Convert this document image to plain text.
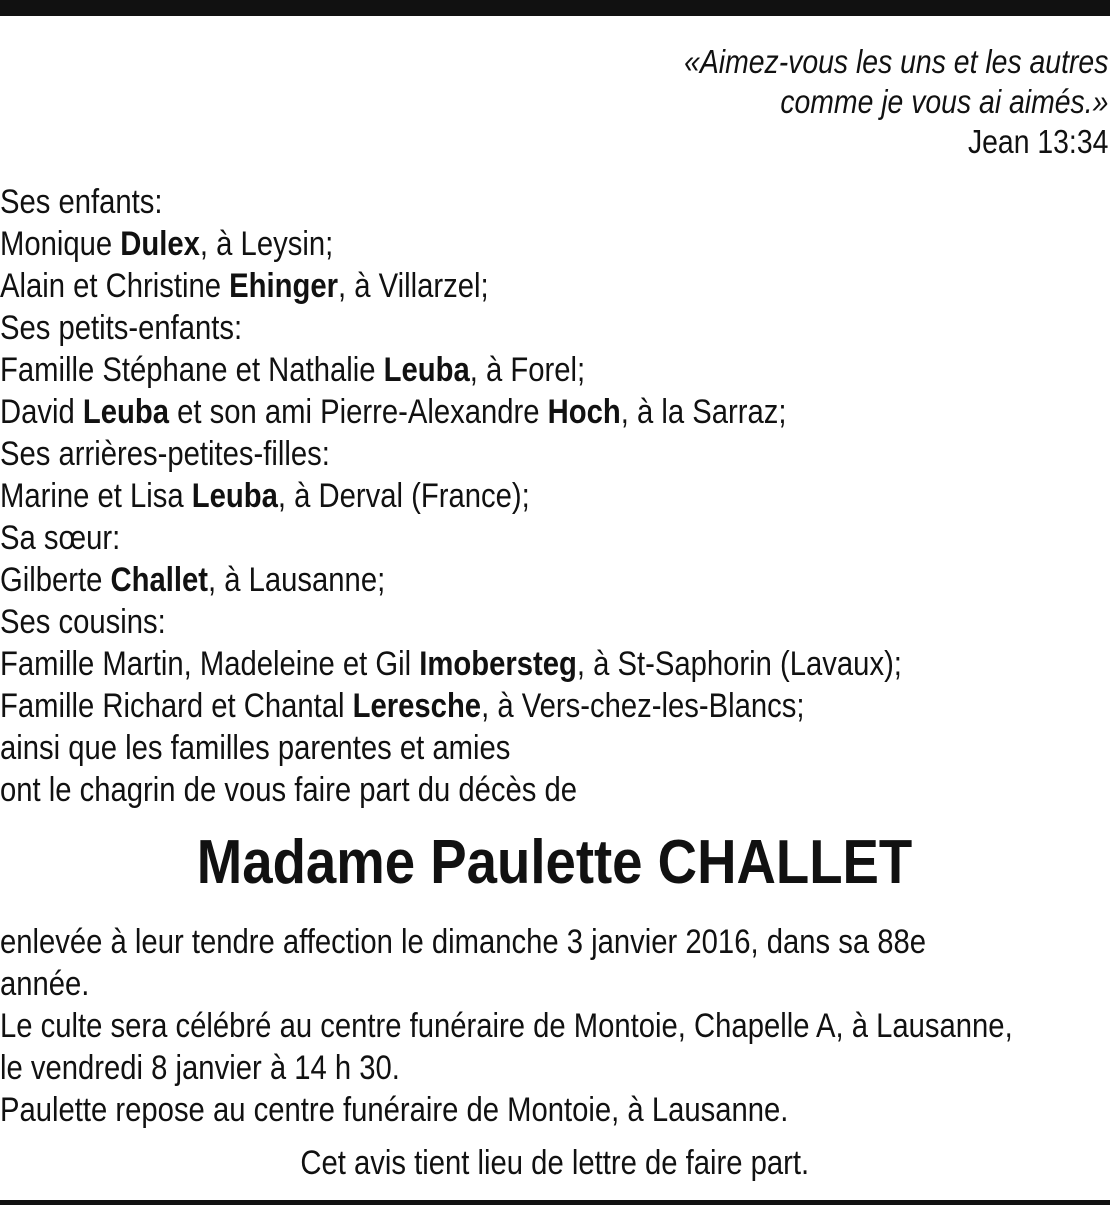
«Aimez-vous les uns et les autres
comme je vous ai aimés.»
Jean 13:34
Ses enfants:
Monique Dulex, à Leysin;
Alain et Christine Ehinger, à Villarzel;
Ses petits-enfants:
Famille Stéphane et Nathalie Leuba, à Forel;
David Leuba et son ami Pierre-Alexandre Hoch, à la Sarraz;
Ses arrières-petites-filles:
Marine et Lisa Leuba, à Derval (France);
Sa sœur:
Gilberte Challet, à Lausanne;
Ses cousins:
Famille Martin, Madeleine et Gil Imobersteg, à St-Saphorin (Lavaux);
Famille Richard et Chantal Leresche, à Vers-chez-les-Blancs;
ainsi que les familles parentes et amies
ont le chagrin de vous faire part du décès de
Madame Paulette CHALLET
enlevée à leur tendre affection le dimanche 3 janvier 2016, dans sa 88e
année.
Le culte sera célébré au centre funéraire de Montoie, Chapelle A, à Lausanne,
le vendredi 8 janvier à 14 h 30.
Paulette repose au centre funéraire de Montoie, à Lausanne.
Cet avis tient lieu de lettre de faire part.
